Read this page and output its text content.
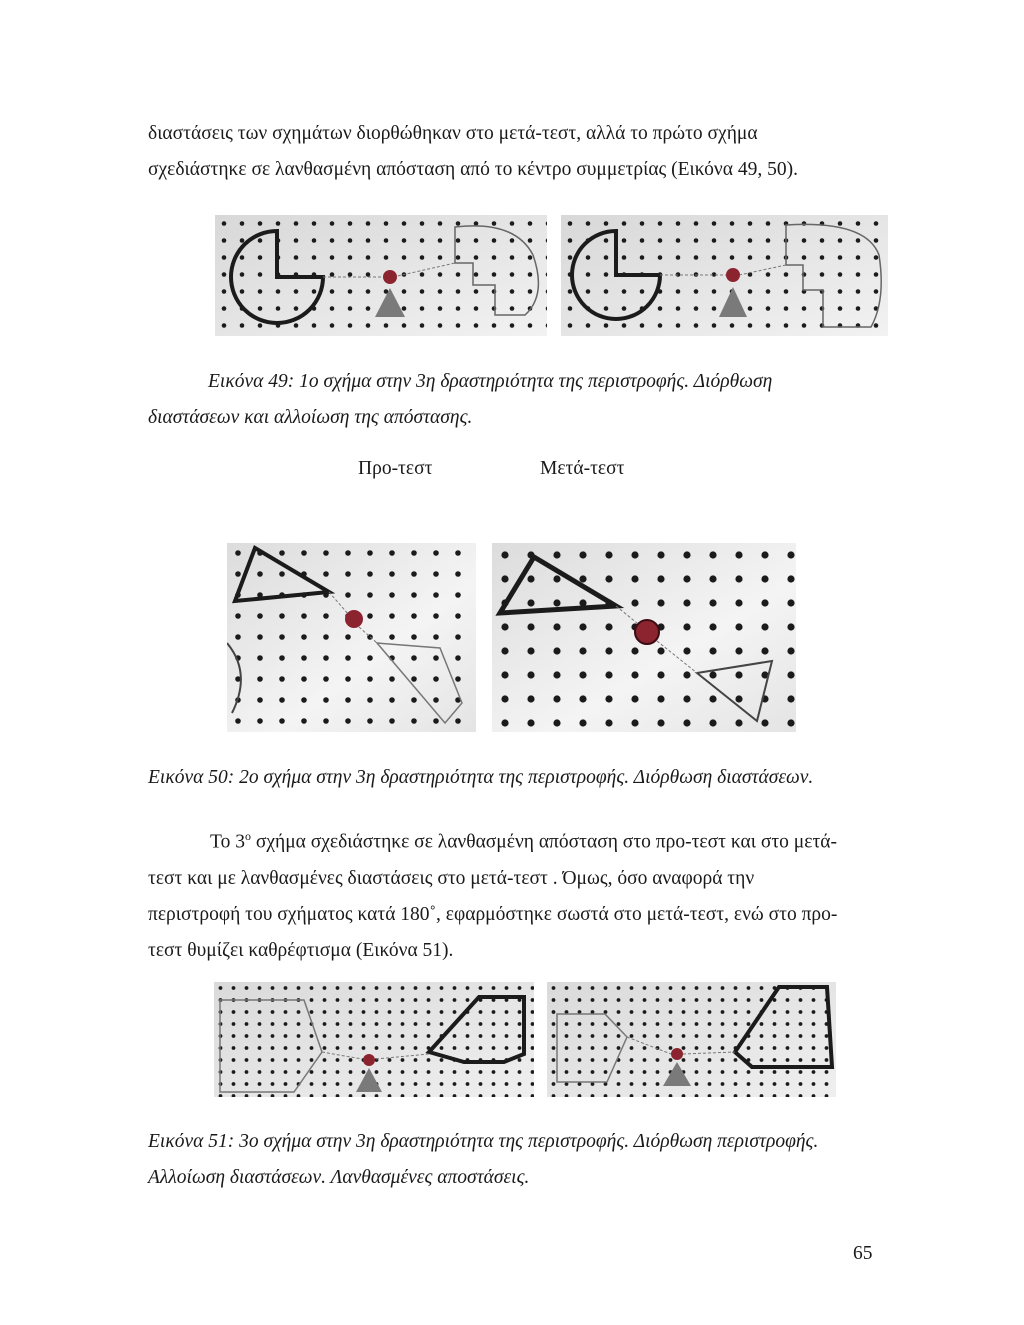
διαστάσεις των σχημάτων διορθώθηκαν στο μετά-τεστ, αλλά το πρώτο σχήμα
σχεδιάστηκε σε λανθασμένη απόσταση από το κέντρο συμμετρίας (Εικόνα 49, 50).
Εικόνα 49: 1ο σχήμα στην 3η δραστηριότητα της περιστροφής. Διόρθωση
διαστάσεων και αλλοίωση της απόστασης.
Προ-τεστ	Μετά-τεστ
Εικόνα 50: 2ο σχήμα στην 3η δραστηριότητα της περιστροφής. Διόρθωση διαστάσεων.
Το $3^o$ σχήμα σχεδιάστηκε σε λανθασμένη απόσταση στο προ-τεστ και στο μετά-
τεστ και με λανθασμένες διαστάσεις στο μετά-τεστ . Όμως, όσο αναφορά την
περιστροφή του σχήματος κατά 180˚, εφαρμόστηκε σωστά στο μετά-τεστ, ενώ στο προ-
τεστ θυμίζει καθρέφτισμα (Εικόνα 51).
Εικόνα 51: 3ο σχήμα στην 3η δραστηριότητα της περιστροφής. Διόρθωση περιστροφής.
Αλλοίωση διαστάσεων. Λανθασμένες αποστάσεις.
65
